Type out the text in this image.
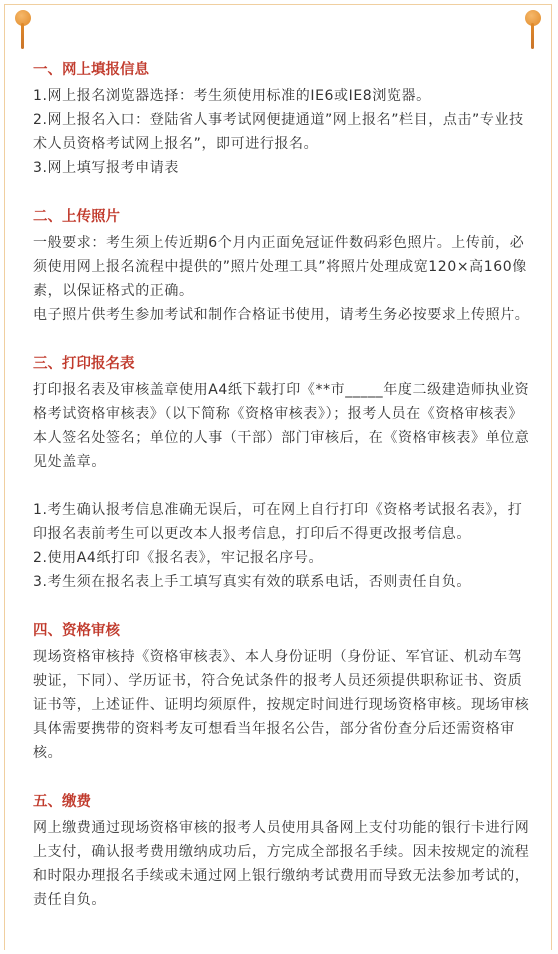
一、网上填报信息

1.网上报名浏览器选择：考生须使用标准的IE6或IE8浏览器。

2.网上报名入口：登陆省人事考试网便捷通道”网上报名”栏目，点击”专业技术人员资格考试网上报名”，即可进行报名。

3.网上填写报考申请表

二、上传照片

一般要求：考生须上传近期6个月内正面免冠证件数码彩色照片。上传前，必须使用网上报名流程中提供的”照片处理工具”将照片处理成宽120×高160像素，以保证格式的正确。

电子照片供考生参加考试和制作合格证书使用，请考生务必按要求上传照片。

三、打印报名表

打印报名表及审核盖章使用A4纸下载打印《**市_____年度二级建造师执业资格考试资格审核表》（以下简称《资格审核表》）；报考人员在《资格审核表》本人签名处签名；单位的人事（干部）部门审核后，在《资格审核表》单位意见处盖章。

1.考生确认报考信息准确无误后，可在网上自行打印《资格考试报名表》，打印报名表前考生可以更改本人报考信息，打印后不得更改报考信息。

2.使用A4纸打印《报名表》，牢记报名序号。

3.考生须在报名表上手工填写真实有效的联系电话，否则责任自负。

四、资格审核

现场资格审核持《资格审核表》、本人身份证明（身份证、军官证、机动车驾驶证，下同）、学历证书，符合免试条件的报考人员还须提供职称证书、资质证书等，上述证件、证明均须原件，按规定时间进行现场资格审核。现场审核具体需要携带的资料考友可想看当年报名公告，部分省份查分后还需资格审核。

五、缴费

网上缴费通过现场资格审核的报考人员使用具备网上支付功能的银行卡进行网上支付，确认报考费用缴纳成功后，方完成全部报名手续。因未按规定的流程和时限办理报名手续或未通过网上银行缴纳考试费用而导致无法参加考试的，责任自负。
